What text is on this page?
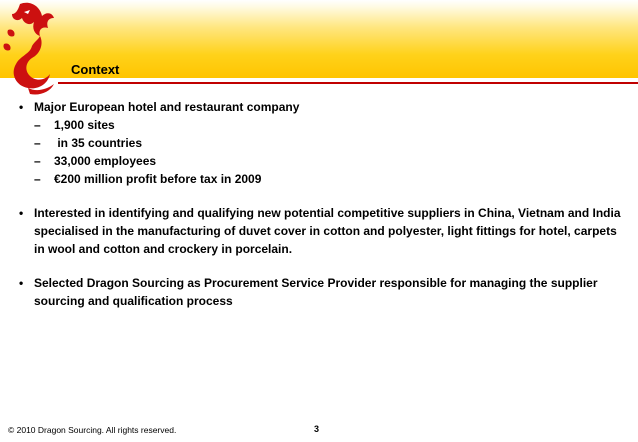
Context
• Major European hotel and restaurant company
– 1,900 sites
– in 35 countries
– 33,000 employees
– €200 million profit before tax in 2009
• Interested in identifying and qualifying new potential competitive suppliers in China, Vietnam and India specialised in the manufacturing of duvet cover in cotton and polyester, light fittings for hotel, carpets in wool and cotton and crockery in porcelain.
• Selected Dragon Sourcing as Procurement Service Provider responsible for managing the supplier sourcing and qualification process
© 2010 Dragon Sourcing. All rights reserved.	3
